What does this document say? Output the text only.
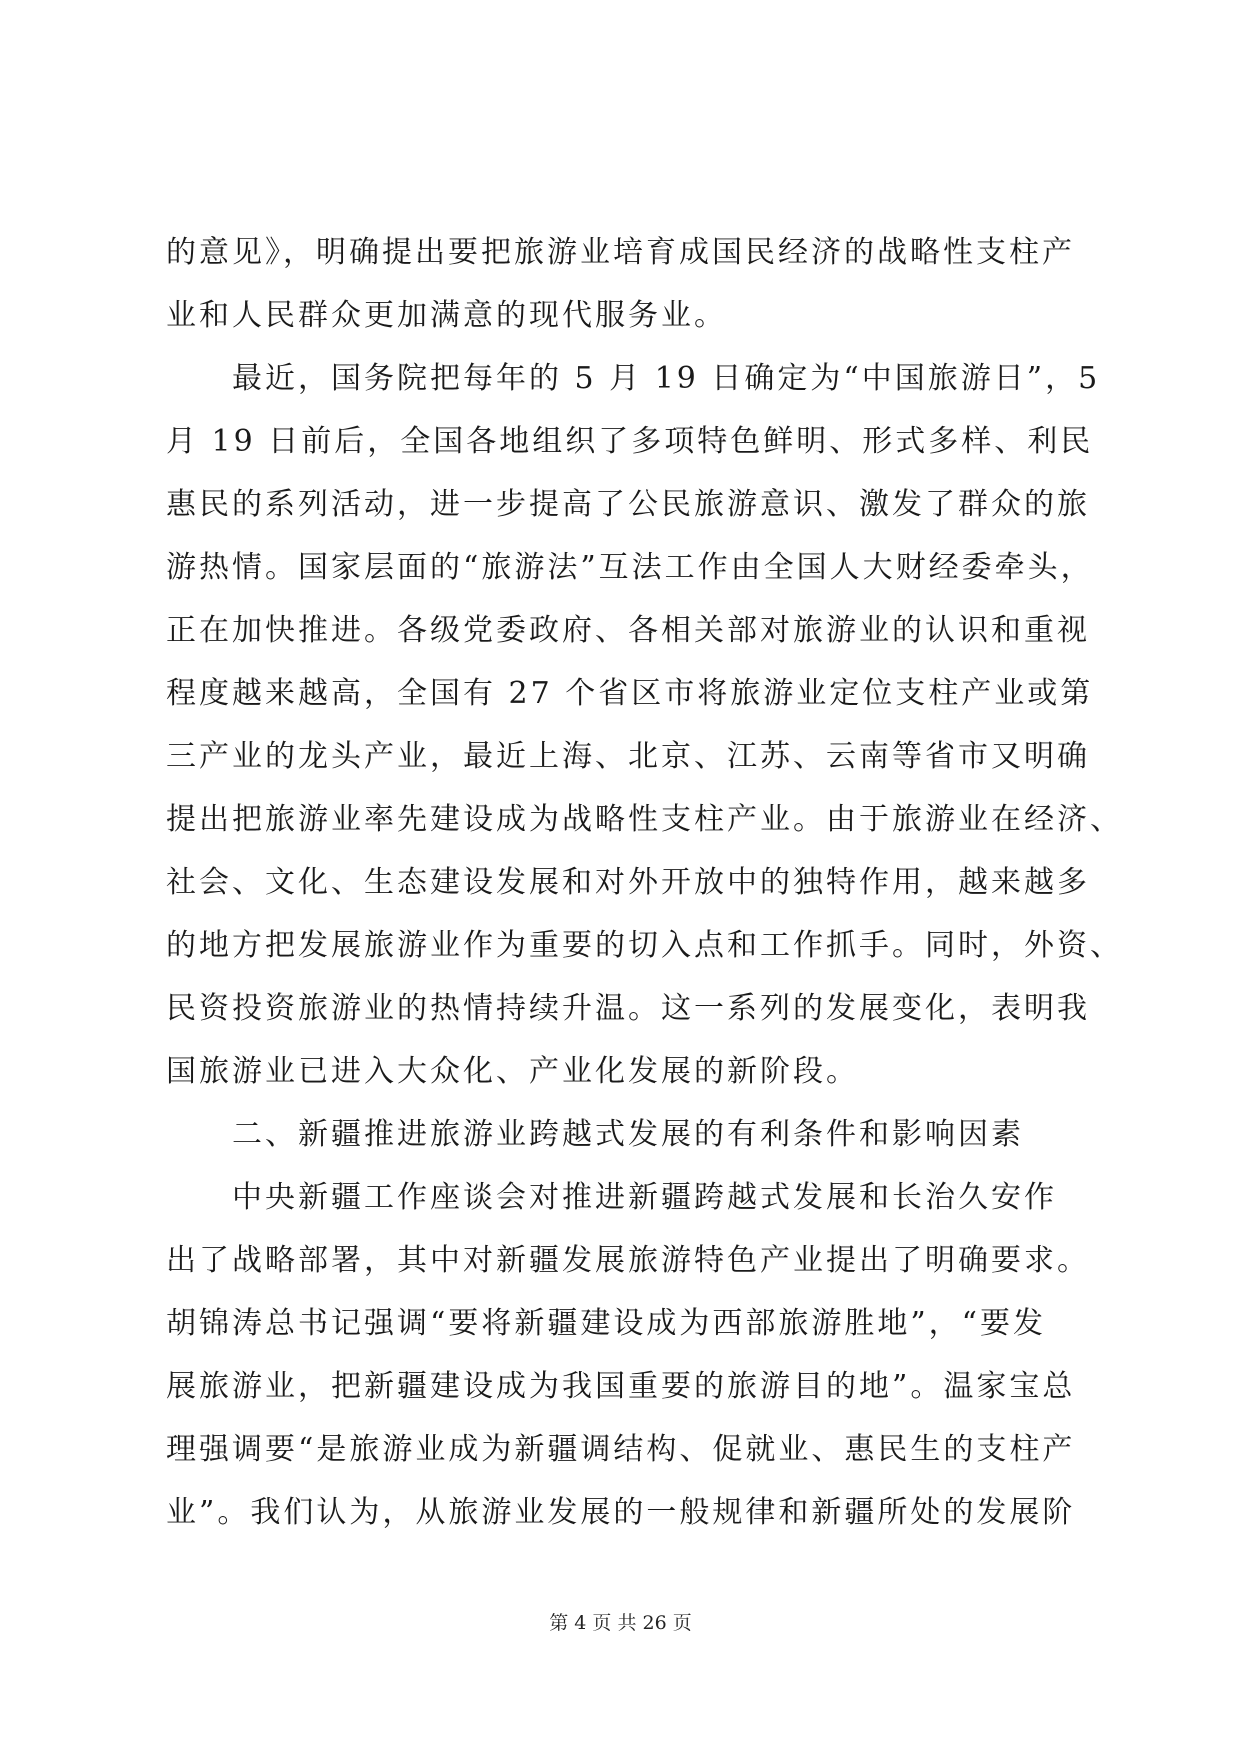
的意见》，明确提出要把旅游业培育成国民经济的战略性支柱产
业和人民群众更加满意的现代服务业。
　　最近，国务院把每年的 5 月 19 日确定为“中国旅游日”，5
月 19 日前后，全国各地组织了多项特色鲜明、形式多样、利民
惠民的系列活动，进一步提高了公民旅游意识、激发了群众的旅
游热情。国家层面的“旅游法”互法工作由全国人大财经委牵头，
正在加快推进。各级党委政府、各相关部对旅游业的认识和重视
程度越来越高，全国有 27 个省区市将旅游业定位支柱产业或第
三产业的龙头产业，最近上海、北京、江苏、云南等省市又明确
提出把旅游业率先建设成为战略性支柱产业。由于旅游业在经济、
社会、文化、生态建设发展和对外开放中的独特作用，越来越多
的地方把发展旅游业作为重要的切入点和工作抓手。同时，外资、
民资投资旅游业的热情持续升温。这一系列的发展变化，表明我
国旅游业已进入大众化、产业化发展的新阶段。
　　二、新疆推进旅游业跨越式发展的有利条件和影响因素
　　中央新疆工作座谈会对推进新疆跨越式发展和长治久安作
出了战略部署，其中对新疆发展旅游特色产业提出了明确要求。
胡锦涛总书记强调“要将新疆建设成为西部旅游胜地”，“要发
展旅游业，把新疆建设成为我国重要的旅游目的地”。温家宝总
理强调要“是旅游业成为新疆调结构、促就业、惠民生的支柱产
业”。我们认为，从旅游业发展的一般规律和新疆所处的发展阶
第 4 页 共 26 页
